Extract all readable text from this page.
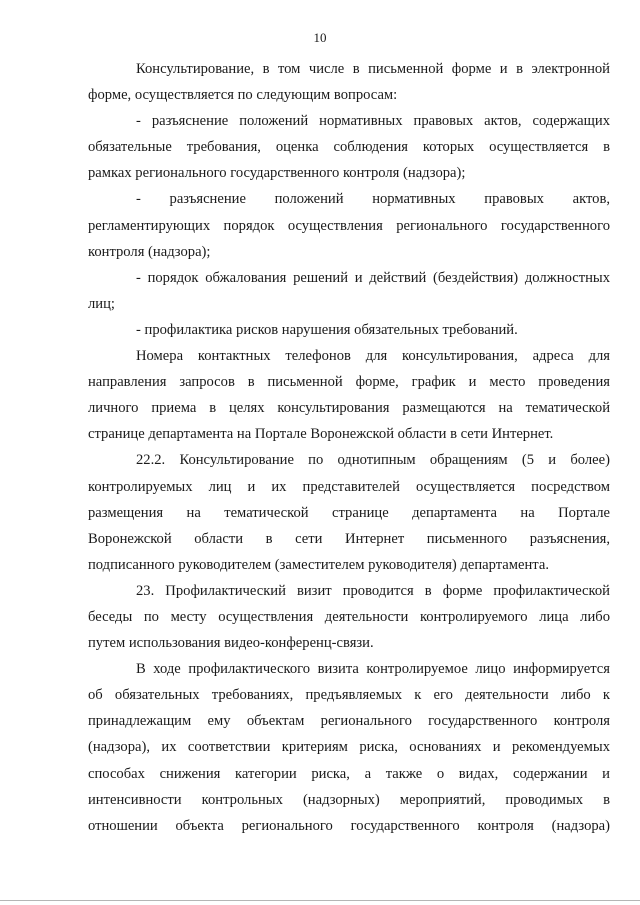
10
Консультирование, в том числе в письменной форме и в электронной
форме, осуществляется по следующим вопросам:
- разъяснение положений нормативных правовых актов, содержащих
обязательные требования, оценка соблюдения которых осуществляется в
рамках регионального государственного контроля (надзора);
- разъяснение положений нормативных правовых актов,
регламентирующих порядок осуществления регионального государственного
контроля (надзора);
- порядок обжалования решений и действий (бездействия) должностных
лиц;
- профилактика рисков нарушения обязательных требований.
Номера контактных телефонов для консультирования, адреса для
направления запросов в письменной форме, график и место проведения
личного приема в целях консультирования размещаются на тематической
странице департамента на Портале Воронежской области в сети Интернет.
22.2. Консультирование по однотипным обращениям (5 и более)
контролируемых лиц и их представителей осуществляется посредством
размещения на тематической странице департамента на Портале
Воронежской области в сети Интернет письменного разъяснения,
подписанного руководителем (заместителем руководителя) департамента.
23. Профилактический визит проводится в форме профилактической
беседы по месту осуществления деятельности контролируемого лица либо
путем использования видео-конференц-связи.
В ходе профилактического визита контролируемое лицо информируется
об обязательных требованиях, предъявляемых к его деятельности либо к
принадлежащим ему объектам регионального государственного контроля
(надзора), их соответствии критериям риска, основаниях и рекомендуемых
способах снижения категории риска, а также о видах, содержании и
интенсивности контрольных (надзорных) мероприятий, проводимых в
отношении объекта регионального государственного контроля (надзора)
